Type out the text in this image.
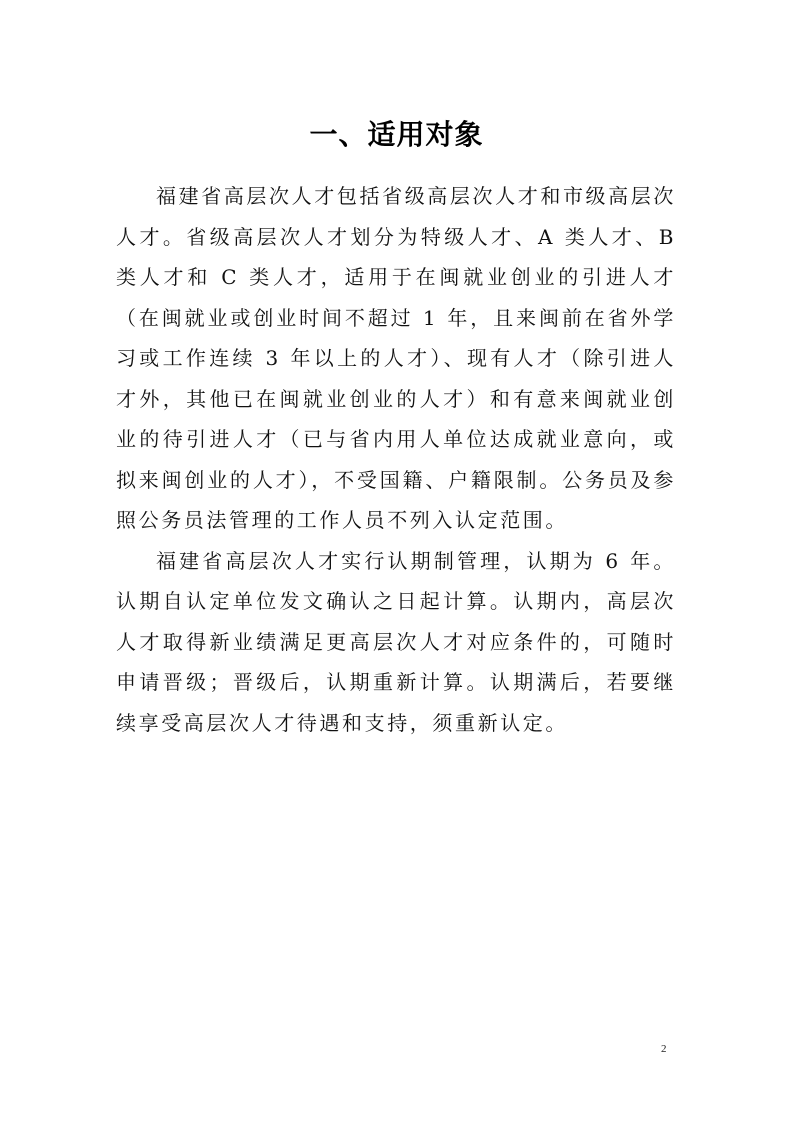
一、适用对象

福建省高层次人才包括省级高层次人才和市级高层次人才。省级高层次人才划分为特级人才、A 类人才、B 类人才和 C 类人才，适用于在闽就业创业的引进人才（在闽就业或创业时间不超过 1 年，且来闽前在省外学习或工作连续 3 年以上的人才）、现有人才（除引进人才外，其他已在闽就业创业的人才）和有意来闽就业创业的待引进人才（已与省内用人单位达成就业意向，或拟来闽创业的人才），不受国籍、户籍限制。公务员及参照公务员法管理的工作人员不列入认定范围。

福建省高层次人才实行认期制管理，认期为 6 年。认期自认定单位发文确认之日起计算。认期内，高层次人才取得新业绩满足更高层次人才对应条件的，可随时申请晋级；晋级后，认期重新计算。认期满后，若要继续享受高层次人才待遇和支持，须重新认定。

2
